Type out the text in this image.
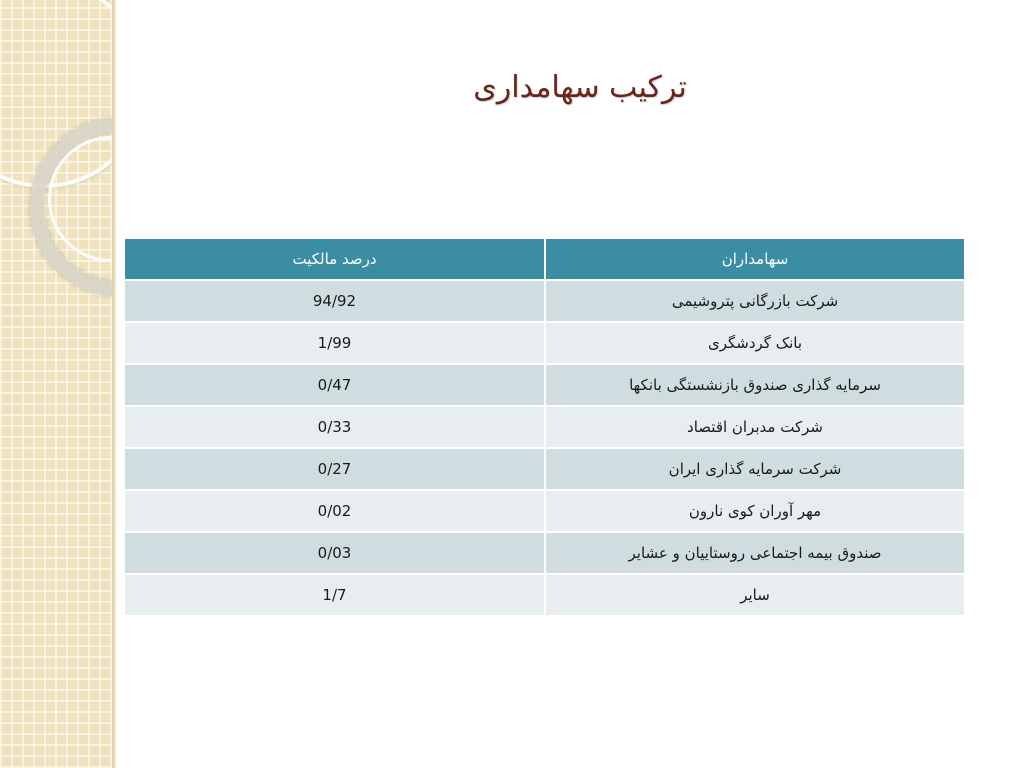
ترکیب سهامداری
سهامداران	درصد مالکیت
شرکت بازرگانی پتروشیمی	94/92
بانک گردشگری	1/99
سرمایه گذاری صندوق بازنشستگی بانکها	0/47
شرکت مدبران اقتصاد	0/33
شرکت سرمایه گذاری ایران	0/27
مهر آوران کوی نارون	0/02
صندوق بیمه اجتماعی روستاییان و عشایر	0/03
سایر	1/7
